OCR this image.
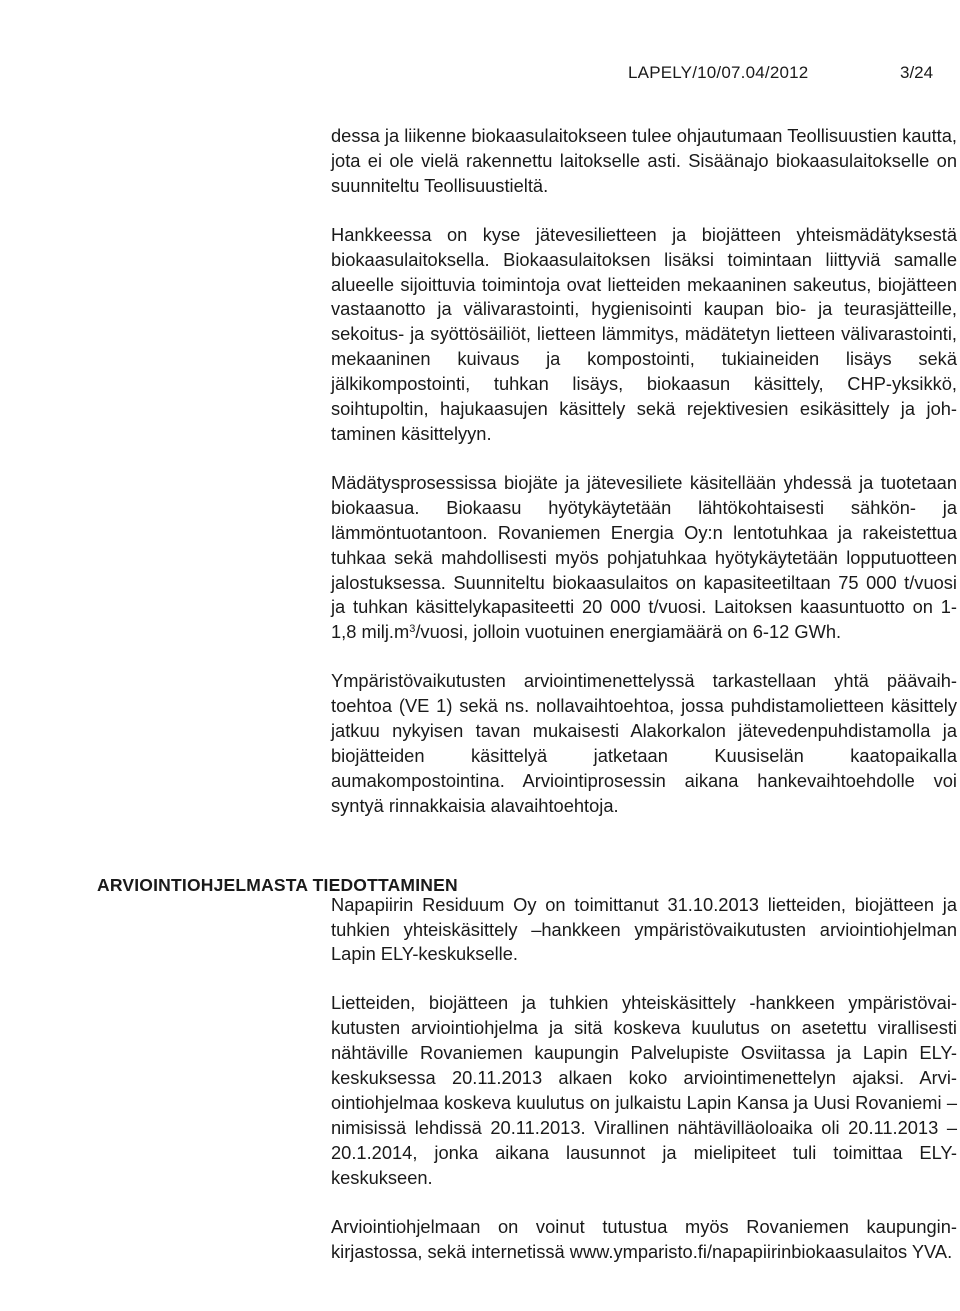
LAPELY/10/07.04/2012	3/24
ARVIOINTIOHJELMASTA TIEDOTTAMINEN

dessa ja liikenne biokaasulaitokseen tulee ohjautumaan Teollisuustien kautta, jota ei ole vielä rakennettu laitokselle asti. Sisäänajo biokaasulaitokselle on suunniteltu Teollisuustieltä.

Hankkeessa on kyse jätevesilietteen ja biojätteen yhteismädätyksestä biokaasulaitoksella. Biokaasulaitoksen lisäksi toimintaan liittyviä samalle alueelle sijoittuvia toimintoja ovat lietteiden mekaaninen sakeutus, biojätteen vastaanotto ja välivarastointi, hygienisointi kaupan bio- ja teurasjätteille, sekoitus- ja syöttösäiliöt, lietteen lämmitys, mädätetyn lietteen välivarastointi, mekaaninen kuivaus ja kompostointi, tukiaineiden lisäys sekä jälkikompostointi, tuhkan lisäys, biokaasun käsittely, CHP-yksikkö, soihtupoltin, hajukaasujen käsittely sekä rejektivesien esikäsittely ja johtaminen käsittelyyn.

Mädätysprosessissa biojäte ja jätevesiliete käsitellään yhdessä ja tuotetaan biokaasua. Biokaasu hyötykäytetään lähtökohtaisesti sähkön- ja lämmöntuotantoon. Rovaniemen Energia Oy:n lentotuhkaa ja rakeistettua tuhkaa sekä mahdollisesti myös pohjatuhkaa hyötykäytetään lopputuotteen jalostuksessa. Suunniteltu biokaasulaitos on kapasiteetiltaan 75 000 t/vuosi ja tuhkan käsittelykapasiteetti 20 000 t/vuosi. Laitoksen kaasuntuotto on 1-1,8 $milj.m^3$/vuosi, jolloin vuotuinen energiamäärä on 6-12 GWh.

Ympäristövaikutusten arviointimenettelyssä tarkastellaan yhtä päävaihtoehtoa (VE 1) sekä ns. nollavaihtoehtoa, jossa puhdistamolietteen käsittely jatkuu nykyisen tavan mukaisesti Alakorkalon jätevedenpuhdistamolla ja biojätteiden käsittelyä jatketaan Kuusiselän kaatopaikalla aumakompostointina. Arviointiprosessin aikana hankevaihtoehdolle voi syntyä rinnakkaisia alavaihtoehtoja.

Napapiirin Residuum Oy on toimittanut 31.10.2013 lietteiden, biojätteen ja tuhkien yhteiskäsittely –hankkeen ympäristövaikutusten arviointiohjelman Lapin ELY-keskukselle.

Lietteiden, biojätteen ja tuhkien yhteiskäsittely -hankkeen ympäristövaikutusten arviointiohjelma ja sitä koskeva kuulutus on asetettu virallisesti nähtäville Rovaniemen kaupungin Palvelupiste Osviitassa ja Lapin ELY-keskuksessa 20.11.2013 alkaen koko arviointimenettelyn ajaksi. Arviointiohjelmaa koskeva kuulutus on julkaistu Lapin Kansa ja Uusi Rovaniemi –nimisissä lehdissä 20.11.2013. Virallinen nähtävilläoloaika oli 20.11.2013 – 20.1.2014, jonka aikana lausunnot ja mielipiteet tuli toimittaa ELY-keskukseen.

Arviointiohjelmaan on voinut tutustua myös Rovaniemen kaupunginkirjastossa, sekä internetissä www.ymparisto.fi/napapiirinbiokaasulaitos YVA.
